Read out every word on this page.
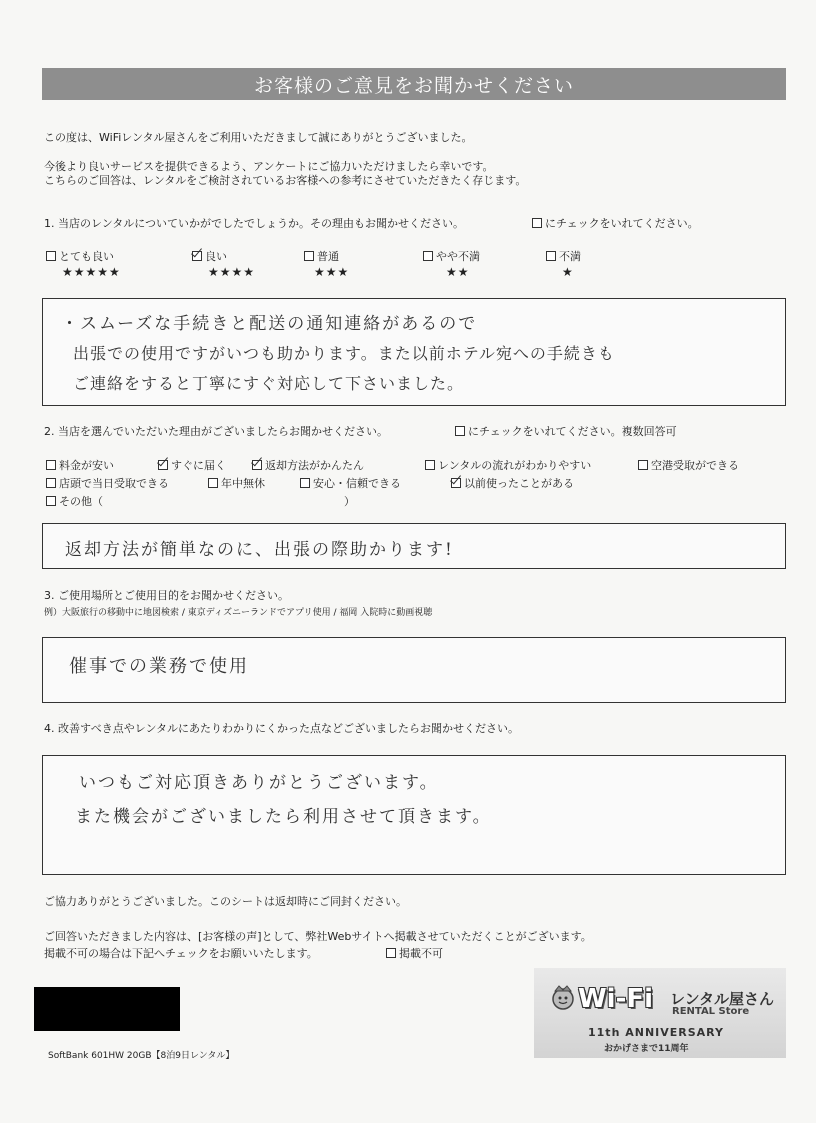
お客様のご意見をお聞かせください
この度は、WiFiレンタル屋さんをご利用いただきまして誠にありがとうございました。
今後より良いサービスを提供できるよう、アンケートにご協力いただけましたら幸いです。
こちらのご回答は、レンタルをご検討されているお客様への参考にさせていただきたく存じます。
1. 当店のレンタルについていかがでしたでしょうか。その理由もお聞かせください。	にチェックをいれてください。
とても良い
★★★★★
良い
★★★★
普通
★★★
やや不満
★★
不満
★
・スムーズな手続きと配送の通知連絡があるので
出張での使用ですがいつも助かります。また以前ホテル宛への手続きも
ご連絡をすると丁寧にすぐ対応して下さいました。
2. 当店を選んでいただいた理由がございましたらお聞かせください。	にチェックをいれてください。複数回答可
料金が安い	すぐに届く	返却方法がかんたん	レンタルの流れがわかりやすい	空港受取ができる
店頭で当日受取できる	年中無休	安心・信頼できる	以前使ったことがある
その他（	）
返却方法が簡単なのに、出張の際助かります!
3. ご使用場所とご使用目的をお聞かせください。
例）大阪旅行の移動中に地図検索 / 東京ディズニーランドでアプリ使用 / 福岡 入院時に動画視聴
催事での業務で使用
4. 改善すべき点やレンタルにあたりわかりにくかった点などございましたらお聞かせください。
いつもご対応頂きありがとうございます。
また機会がございましたら利用させて頂きます。
ご協力ありがとうございました。このシートは返却時にご同封ください。
ご回答いただきました内容は、[お客様の声]として、弊社Webサイトへ掲載させていただくことがございます。
掲載不可の場合は下記へチェックをお願いいたします。	掲載不可
SoftBank 601HW 20GB【8泊9日レンタル】
Wi-Fi レンタル屋さん
RENTAL Store
11th ANNIVERSARY
おかげさまで11周年
